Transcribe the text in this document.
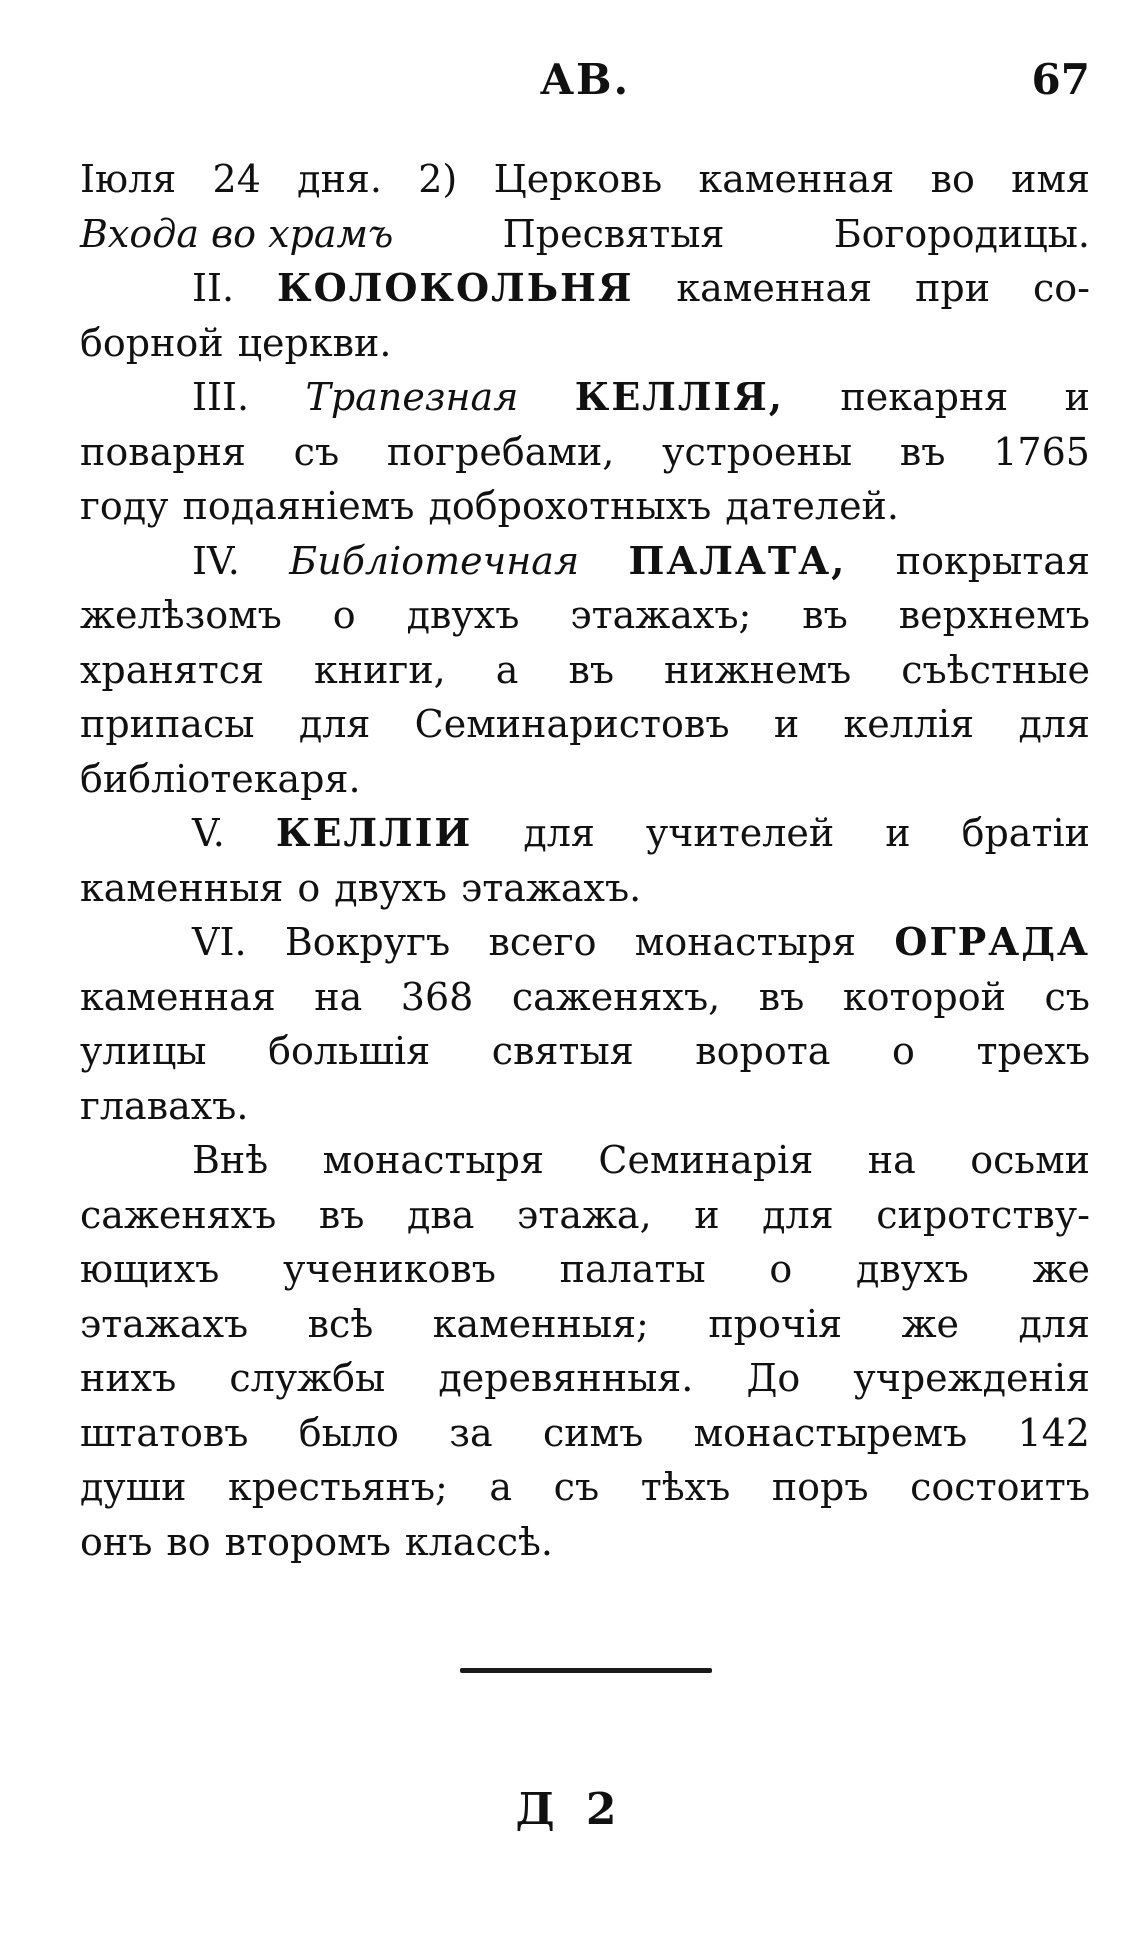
АВ.	67
Іюля 24 дня. 2) Церковь каменная во имя
Входа во храмъ	Пресвятыя	Богородицы.
II. КОЛОКОЛЬНЯ каменная при со-
борной церкви.
III. Трапезная КЕЛЛІЯ, пекарня и
поварня съ погребами, устроены въ 1765
году подаяніемъ доброхотныхъ дателей.
IV. Библіотечная ПАЛАТА, покрытая
желѣзомъ о двухъ этажахъ; въ верхнемъ
хранятся книги, а въ нижнемъ съѣстные
припасы для Семинаристовъ и келлія для
библіотекаря.
V. КЕЛЛІИ для учителей и братіи
каменныя о двухъ этажахъ.
VI. Вокругъ всего монастыря ОГРАДА
каменная на 368 саженяхъ, въ которой съ
улицы большія святыя ворота о трехъ
главахъ.
Внѣ монастыря Семинарія на осьми
саженяхъ въ два этажа, и для сиротству-
ющихъ учениковъ палаты о двухъ же
этажахъ всѣ каменныя; прочія же для
нихъ службы деревянныя. До учрежденія
штатовъ было за симъ монастыремъ 142
души крестьянъ; а съ тѣхъ поръ состоитъ
онъ во второмъ классѣ.
Д 2
